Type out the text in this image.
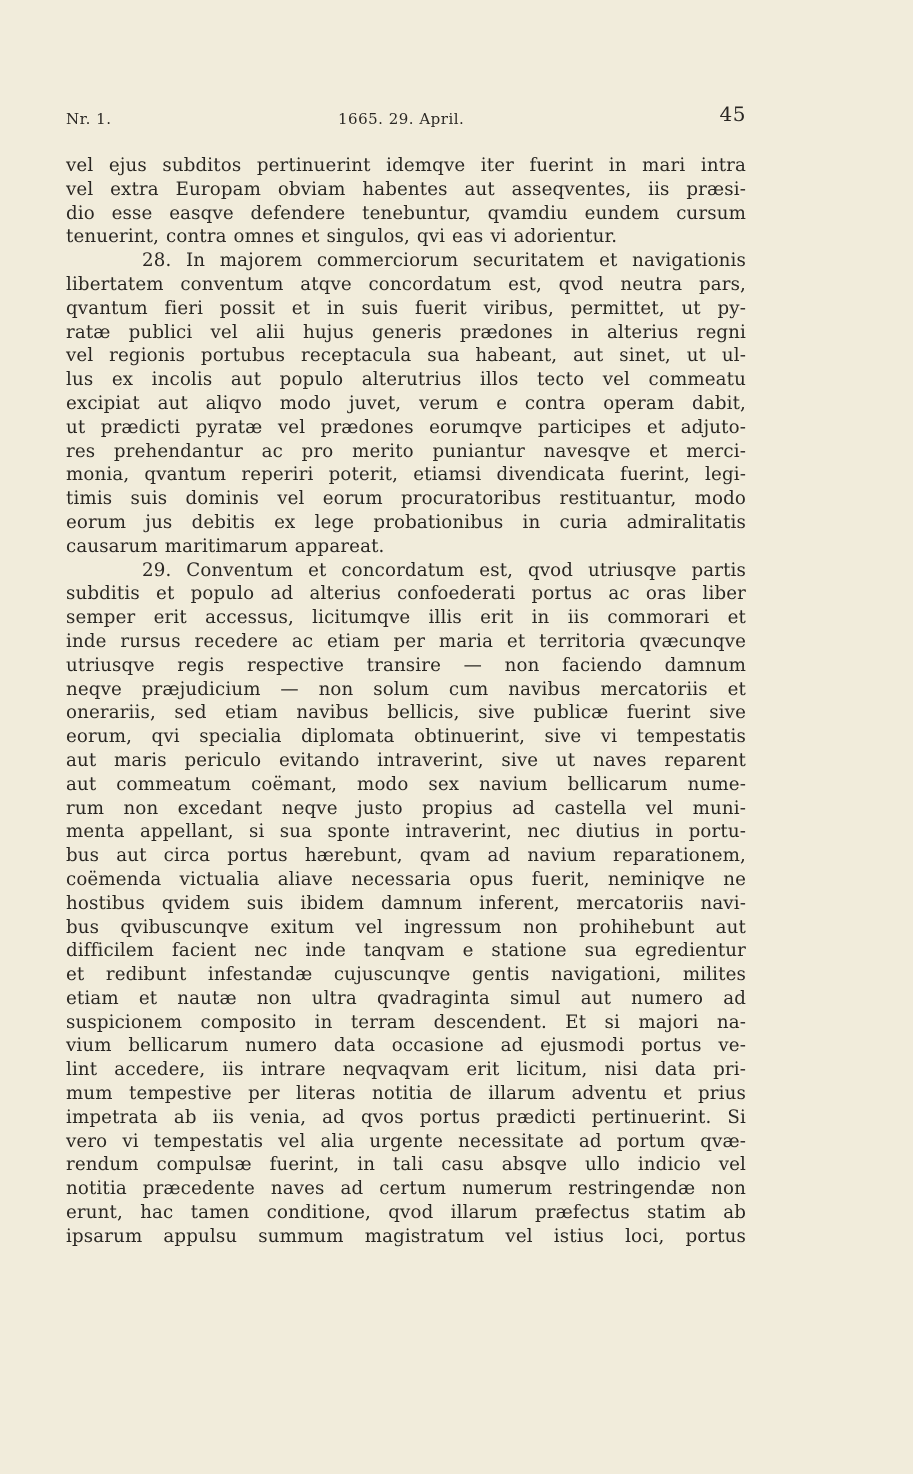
Nr. 1.	1665. 29. April.	45
vel ejus subditos pertinuerint idemqve iter fuerint in mari intra
vel extra Europam obviam habentes aut asseqventes, iis præsi-
dio esse easqve defendere tenebuntur, qvamdiu eundem cursum
tenuerint, contra omnes et singulos, qvi eas vi adorientur.
28. In majorem commerciorum securitatem et navigationis
libertatem conventum atqve concordatum est, qvod neutra pars,
qvantum fieri possit et in suis fuerit viribus, permittet, ut py-
ratæ publici vel alii hujus generis prædones in alterius regni
vel regionis portubus receptacula sua habeant, aut sinet, ut ul-
lus ex incolis aut populo alterutrius illos tecto vel commeatu
excipiat aut aliqvo modo juvet, verum e contra operam dabit,
ut prædicti pyratæ vel prædones eorumqve participes et adjuto-
res prehendantur ac pro merito puniantur navesqve et merci-
monia, qvantum reperiri poterit, etiamsi divendicata fuerint, legi-
timis suis dominis vel eorum procuratoribus restituantur, modo
eorum jus debitis ex lege probationibus in curia admiralitatis
causarum maritimarum appareat.
29. Conventum et concordatum est, qvod utriusqve partis
subditis et populo ad alterius confoederati portus ac oras liber
semper erit accessus, licitumqve illis erit in iis commorari et
inde rursus recedere ac etiam per maria et territoria qvæcunqve
utriusqve regis respective transire — non faciendo damnum
neqve præjudicium — non solum cum navibus mercatoriis et
onerariis, sed etiam navibus bellicis, sive publicæ fuerint sive
eorum, qvi specialia diplomata obtinuerint, sive vi tempestatis
aut maris periculo evitando intraverint, sive ut naves reparent
aut commeatum coëmant, modo sex navium bellicarum nume-
rum non excedant neqve justo propius ad castella vel muni-
menta appellant, si sua sponte intraverint, nec diutius in portu-
bus aut circa portus hærebunt, qvam ad navium reparationem,
coëmenda victualia aliave necessaria opus fuerit, neminiqve ne
hostibus qvidem suis ibidem damnum inferent, mercatoriis navi-
bus qvibuscunqve exitum vel ingressum non prohihebunt aut
difficilem facient nec inde tanqvam e statione sua egredientur
et redibunt infestandæ cujuscunqve gentis navigationi, milites
etiam et nautæ non ultra qvadraginta simul aut numero ad
suspicionem composito in terram descendent. Et si majori na-
vium bellicarum numero data occasione ad ejusmodi portus ve-
lint accedere, iis intrare neqvaqvam erit licitum, nisi data pri-
mum tempestive per literas notitia de illarum adventu et prius
impetrata ab iis venia, ad qvos portus prædicti pertinuerint. Si
vero vi tempestatis vel alia urgente necessitate ad portum qvæ-
rendum compulsæ fuerint, in tali casu absqve ullo indicio vel
notitia præcedente naves ad certum numerum restringendæ non
erunt, hac tamen conditione, qvod illarum præfectus statim ab
ipsarum appulsu summum magistratum vel istius loci, portus
